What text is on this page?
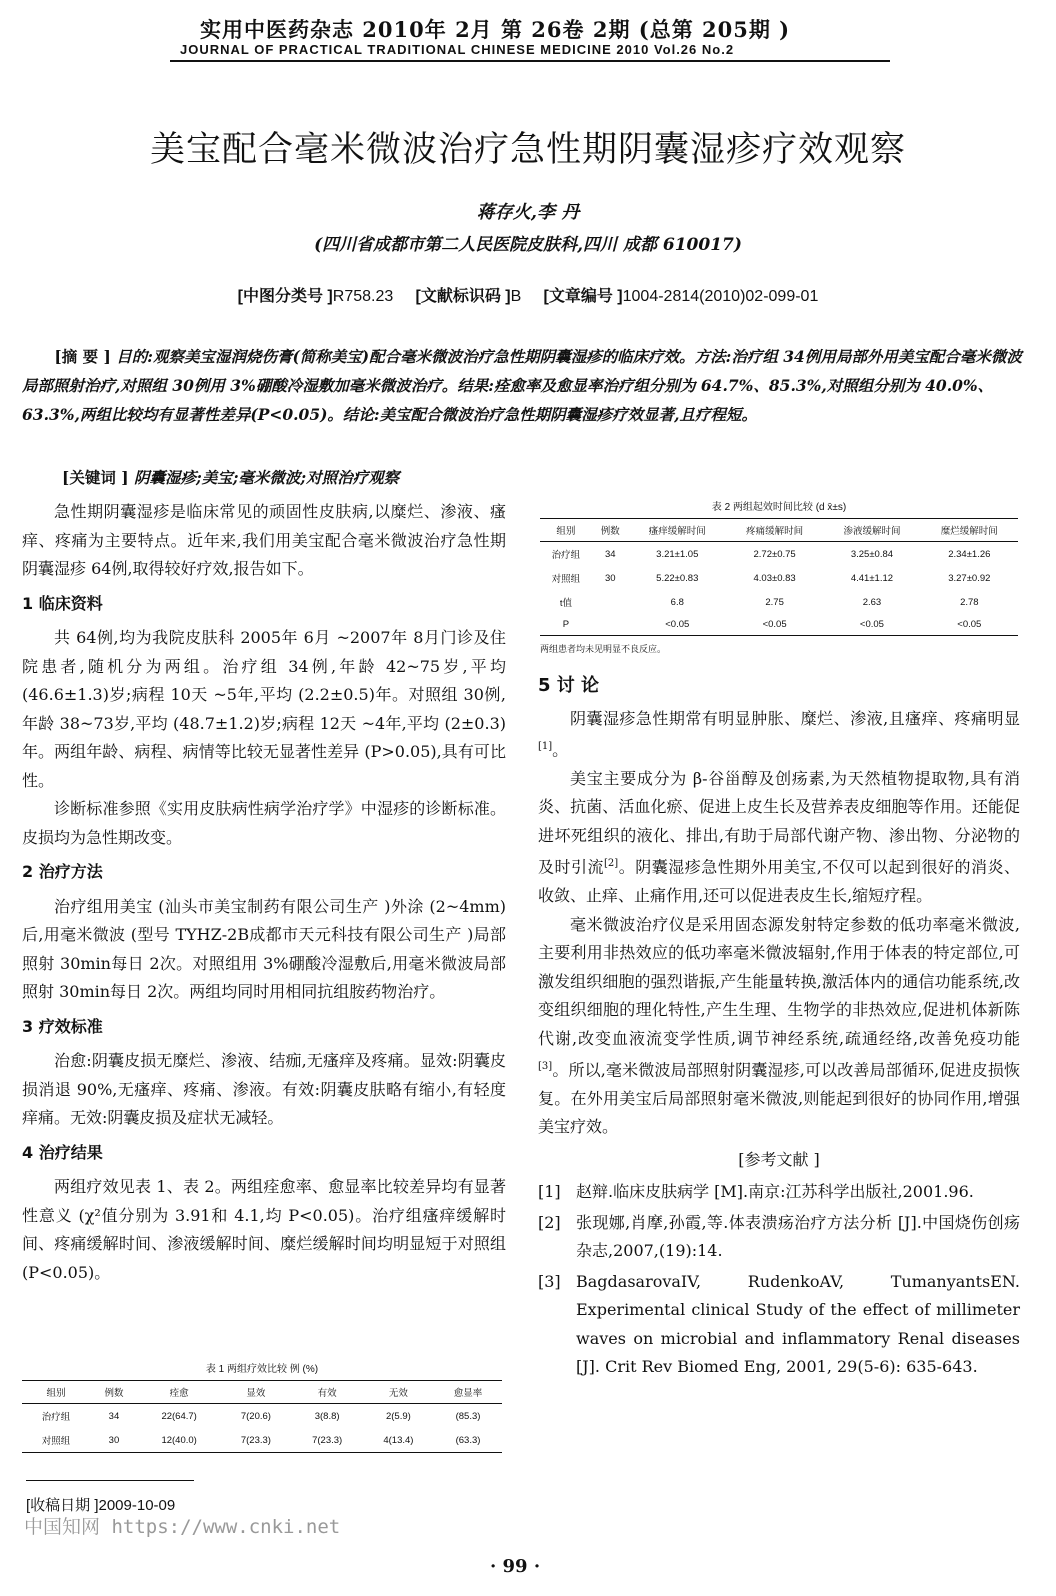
实用中医药杂志 2010年 2月 第 26卷 2期 (总第 205期 )
JOURNAL OF PRACTICAL TRADITIONAL CHINESE MEDICINE 2010 Vol.26 No.2
美宝配合毫米微波治疗急性期阴囊湿疹疗效观察
蒋存火,李 丹
(四川省成都市第二人民医院皮肤科,四川 成都 610017)
[中图分类号 ]R758.23 [文献标识码 ]B [文章编号 ]1004-2814(2010)02-099-01
[摘 要 ] 目的:观察美宝湿润烧伤膏(简称美宝)配合毫米微波治疗急性期阴囊湿疹的临床疗效。方法:治疗组 34例用局部外用美宝配合毫米微波局部照射治疗,对照组 30例用 3%硼酸冷湿敷加毫米微波治疗。结果:痊愈率及愈显率治疗组分别为 64.7%、85.3%,对照组分别为 40.0%、63.3%,两组比较均有显著性差异(P<0.05)。结论:美宝配合微波治疗急性期阴囊湿疹疗效显著,且疗程短。
[关键词 ] 阴囊湿疹;美宝;毫米微波;对照治疗观察

急性期阴囊湿疹是临床常见的顽固性皮肤病,以糜烂、渗液、瘙痒、疼痛为主要特点。近年来,我们用美宝配合毫米微波治疗急性期阴囊湿疹 64例,取得较好疗效,报告如下。

1 临床资料

共 64例,均为我院皮肤科 2005年 6月 ~2007年 8月门诊及住院患者,随机分为两组。治疗组 34例,年龄 42~75岁,平均 (46.6±1.3)岁;病程 10天 ~5年,平均 (2.2±0.5)年。对照组 30例,年龄 38~73岁,平均 (48.7±1.2)岁;病程 12天 ~4年,平均 (2±0.3)年。两组年龄、病程、病情等比较无显著性差异 (P>0.05),具有可比性。

诊断标准参照《实用皮肤病性病学治疗学》中湿疹的诊断标准。皮损均为急性期改变。

2 治疗方法

治疗组用美宝 (汕头市美宝制药有限公司生产 )外涂 (2~4mm)后,用毫米微波 (型号 TYHZ-2B成都市天元科技有限公司生产 )局部照射 30min每日 2次。对照组用 3%硼酸冷湿敷后,用毫米微波局部照射 30min每日 2次。两组均同时用相同抗组胺药物治疗。

3 疗效标准

治愈:阴囊皮损无糜烂、渗液、结痂,无瘙痒及疼痛。显效:阴囊皮损消退 90%,无瘙痒、疼痛、渗液。有效:阴囊皮肤略有缩小,有轻度痒痛。无效:阴囊皮损及症状无减轻。

4 治疗结果

两组疗效见表 1、表 2。两组痊愈率、愈显率比较差异均有显著性意义 (χ²值分别为 3.91和 4.1,均 P<0.05)。治疗组瘙痒缓解时间、疼痛缓解时间、渗液缓解时间、糜烂缓解时间均明显短于对照组 (P<0.05)。

表 1 两组疗效比较 例 (%)
组别	例数	痊愈	显效	有效	无效	愈显率
治疗组	34	22(64.7)	7(20.6)	3(8.8)	2(5.9)	(85.3)
对照组	30	12(40.0)	7(23.3)	7(23.3)	4(13.4)	(63.3)
表 2 两组起效时间比较 (d x̄±s)
组别	例数	瘙痒缓解时间	疼痛缓解时间	渗液缓解时间	糜烂缓解时间
治疗组	34	3.21±1.05	2.72±0.75	3.25±0.84	2.34±1.26
对照组	30	5.22±0.83	4.03±0.83	4.41±1.12	3.27±0.92
t值		6.8	2.75	2.63	2.78
P		<0.05	<0.05	<0.05	<0.05
两组患者均未见明显不良反应。
5 讨 论

阴囊湿疹急性期常有明显肿胀、糜烂、渗液,且瘙痒、疼痛明显[1]。

美宝主要成分为 β-谷甾醇及创疡素,为天然植物提取物,具有消炎、抗菌、活血化瘀、促进上皮生长及营养表皮细胞等作用。还能促进坏死组织的液化、排出,有助于局部代谢产物、渗出物、分泌物的及时引流[2]。阴囊湿疹急性期外用美宝,不仅可以起到很好的消炎、收敛、止痒、止痛作用,还可以促进表皮生长,缩短疗程。

毫米微波治疗仪是采用固态源发射特定参数的低功率毫米微波,主要利用非热效应的低功率毫米微波辐射,作用于体表的特定部位,可激发组织细胞的强烈谐振,产生能量转换,激活体内的通信功能系统,改变组织细胞的理化特性,产生生理、生物学的非热效应,促进机体新陈代谢,改变血液流变学性质,调节神经系统,疏通经络,改善免疫功能[3]。所以,毫米微波局部照射阴囊湿疹,可以改善局部循环,促进皮损恢复。在外用美宝后局部照射毫米微波,则能起到很好的协同作用,增强美宝疗效。

[参考文献 ]

[1] 赵辩.临床皮肤病学 [M].南京:江苏科学出版社,2001.96.
[2] 张现娜,肖摩,孙霞,等.体表溃疡治疗方法分析 [J].中国烧伤创疡杂志,2007,(19):14.
[3] BagdasarovaIV, RudenkoAV, TumanyantsEN. Experimental clinical Study of the effect of millimeter waves on microbial and inflammatory Renal diseases [J]. Crit Rev Biomed Eng, 2001, 29(5-6): 635-643.
[收稿日期 ]2009-10-09
中国知网 https://www.cnki.net
· 99 ·
